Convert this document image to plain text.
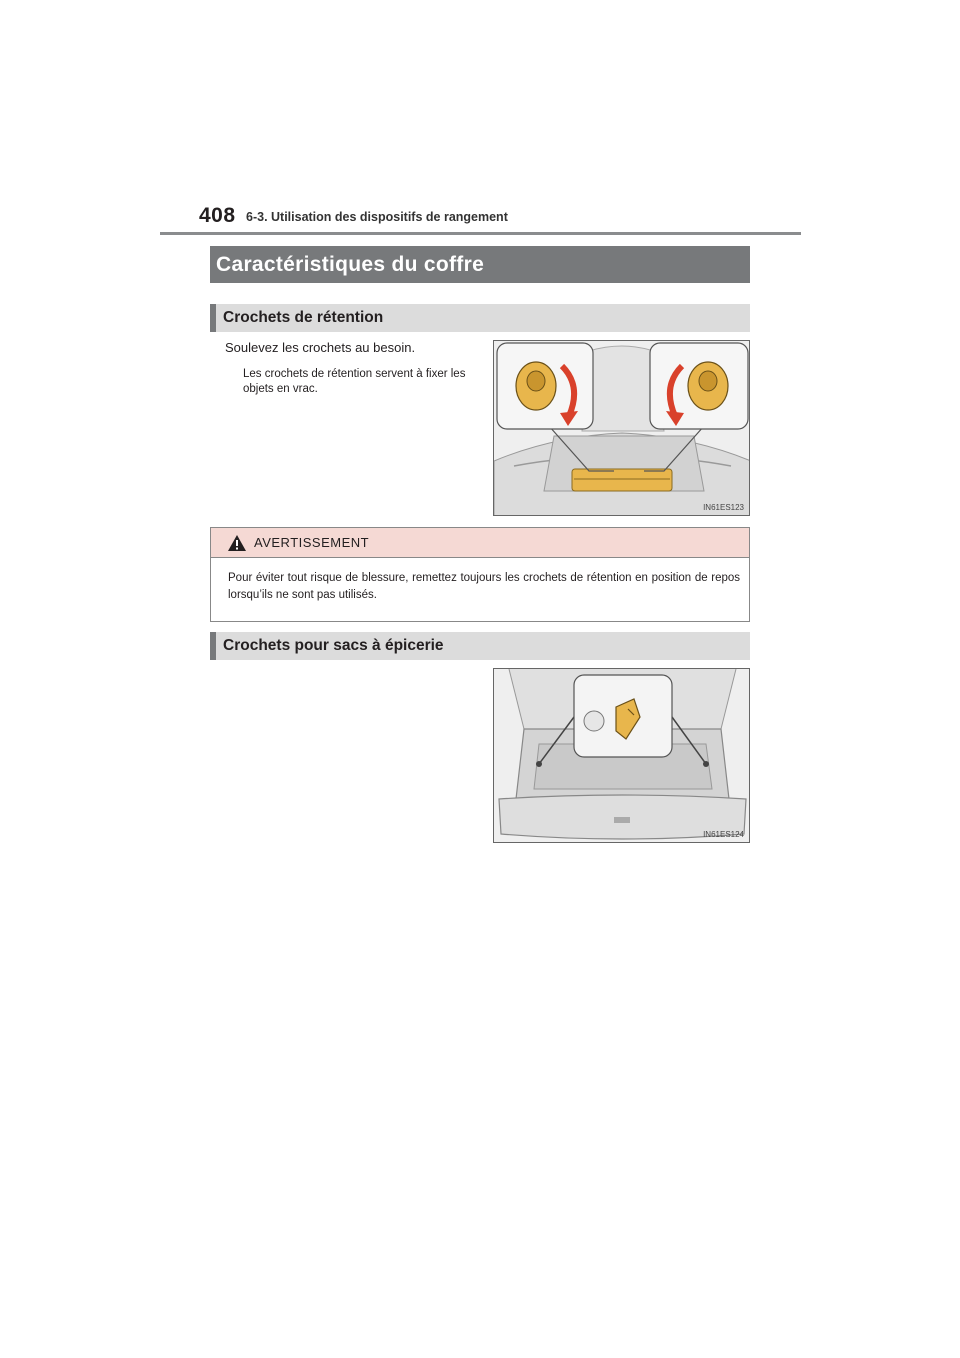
408 6-3. Utilisation des dispositifs de rangement
Caractéristiques du coffre
Crochets de rétention
Soulevez les crochets au besoin.
Les crochets de rétention servent à fixer les objets en vrac.
IN61ES123
AVERTISSEMENT
Pour éviter tout risque de blessure, remettez toujours les crochets de rétention en position de repos lorsqu’ils ne sont pas utilisés.
Crochets pour sacs à épicerie
IN61ES124
